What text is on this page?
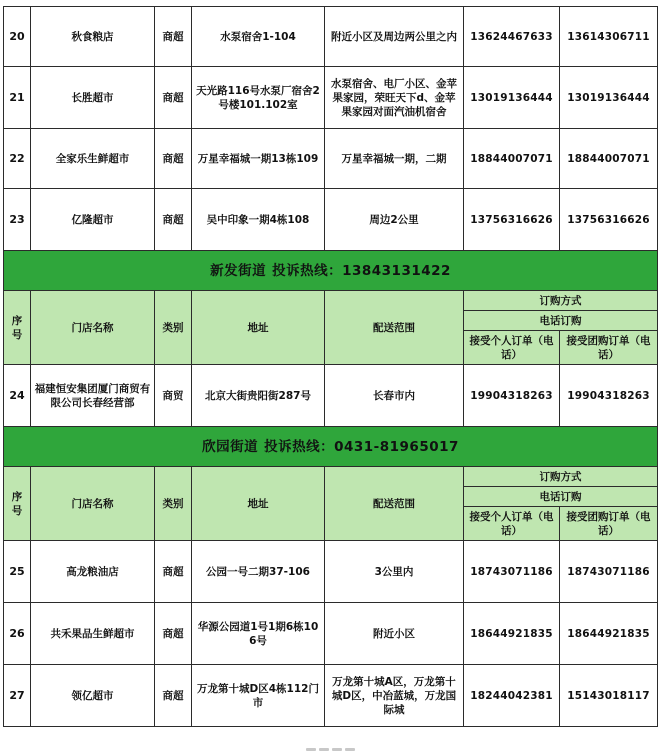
20	秋食粮店	商超	水泵宿舍1-104	附近小区及周边两公里之内	13624467633	13614306711
21	长胜超市	商超	天光路116号水泵厂宿舍2号楼101.102室	水泵宿舍、电厂小区、金苹果家园，荣旺天下d、金苹果家园对面汽油机宿舍	13019136444	13019136444
22	全家乐生鲜超市	商超	万星幸福城一期13栋109	万星幸福城一期，二期	18844007071	18844007071
23	亿隆超市	商超	吴中印象一期4栋108	周边2公里	13756316626	13756316626
新发街道 投诉热线：13843131422						
序号	门店名称	类别	地址	配送范围	订购方式	
					电话订购	
					接受个人订单（电话）	接受团购订单（电话）
24	福建恒安集团厦门商贸有限公司长春经营部	商贸	北京大街贵阳街287号	长春市内	19904318263	19904318263
欣园街道 投诉热线：0431-81965017						
序号	门店名称	类别	地址	配送范围	订购方式	
					电话订购	
					接受个人订单（电话）	接受团购订单（电话）
25	高龙粮油店	商超	公园一号二期37-106	3公里内	18743071186	18743071186
26	共禾果品生鲜超市	商超	华源公园道1号1期6栋106号	附近小区	18644921835	18644921835
27	领亿超市	商超	万龙第十城D区4栋112门市	万龙第十城A区，万龙第十城D区，中冶蓝城，万龙国际城	18244042381	15143018117
